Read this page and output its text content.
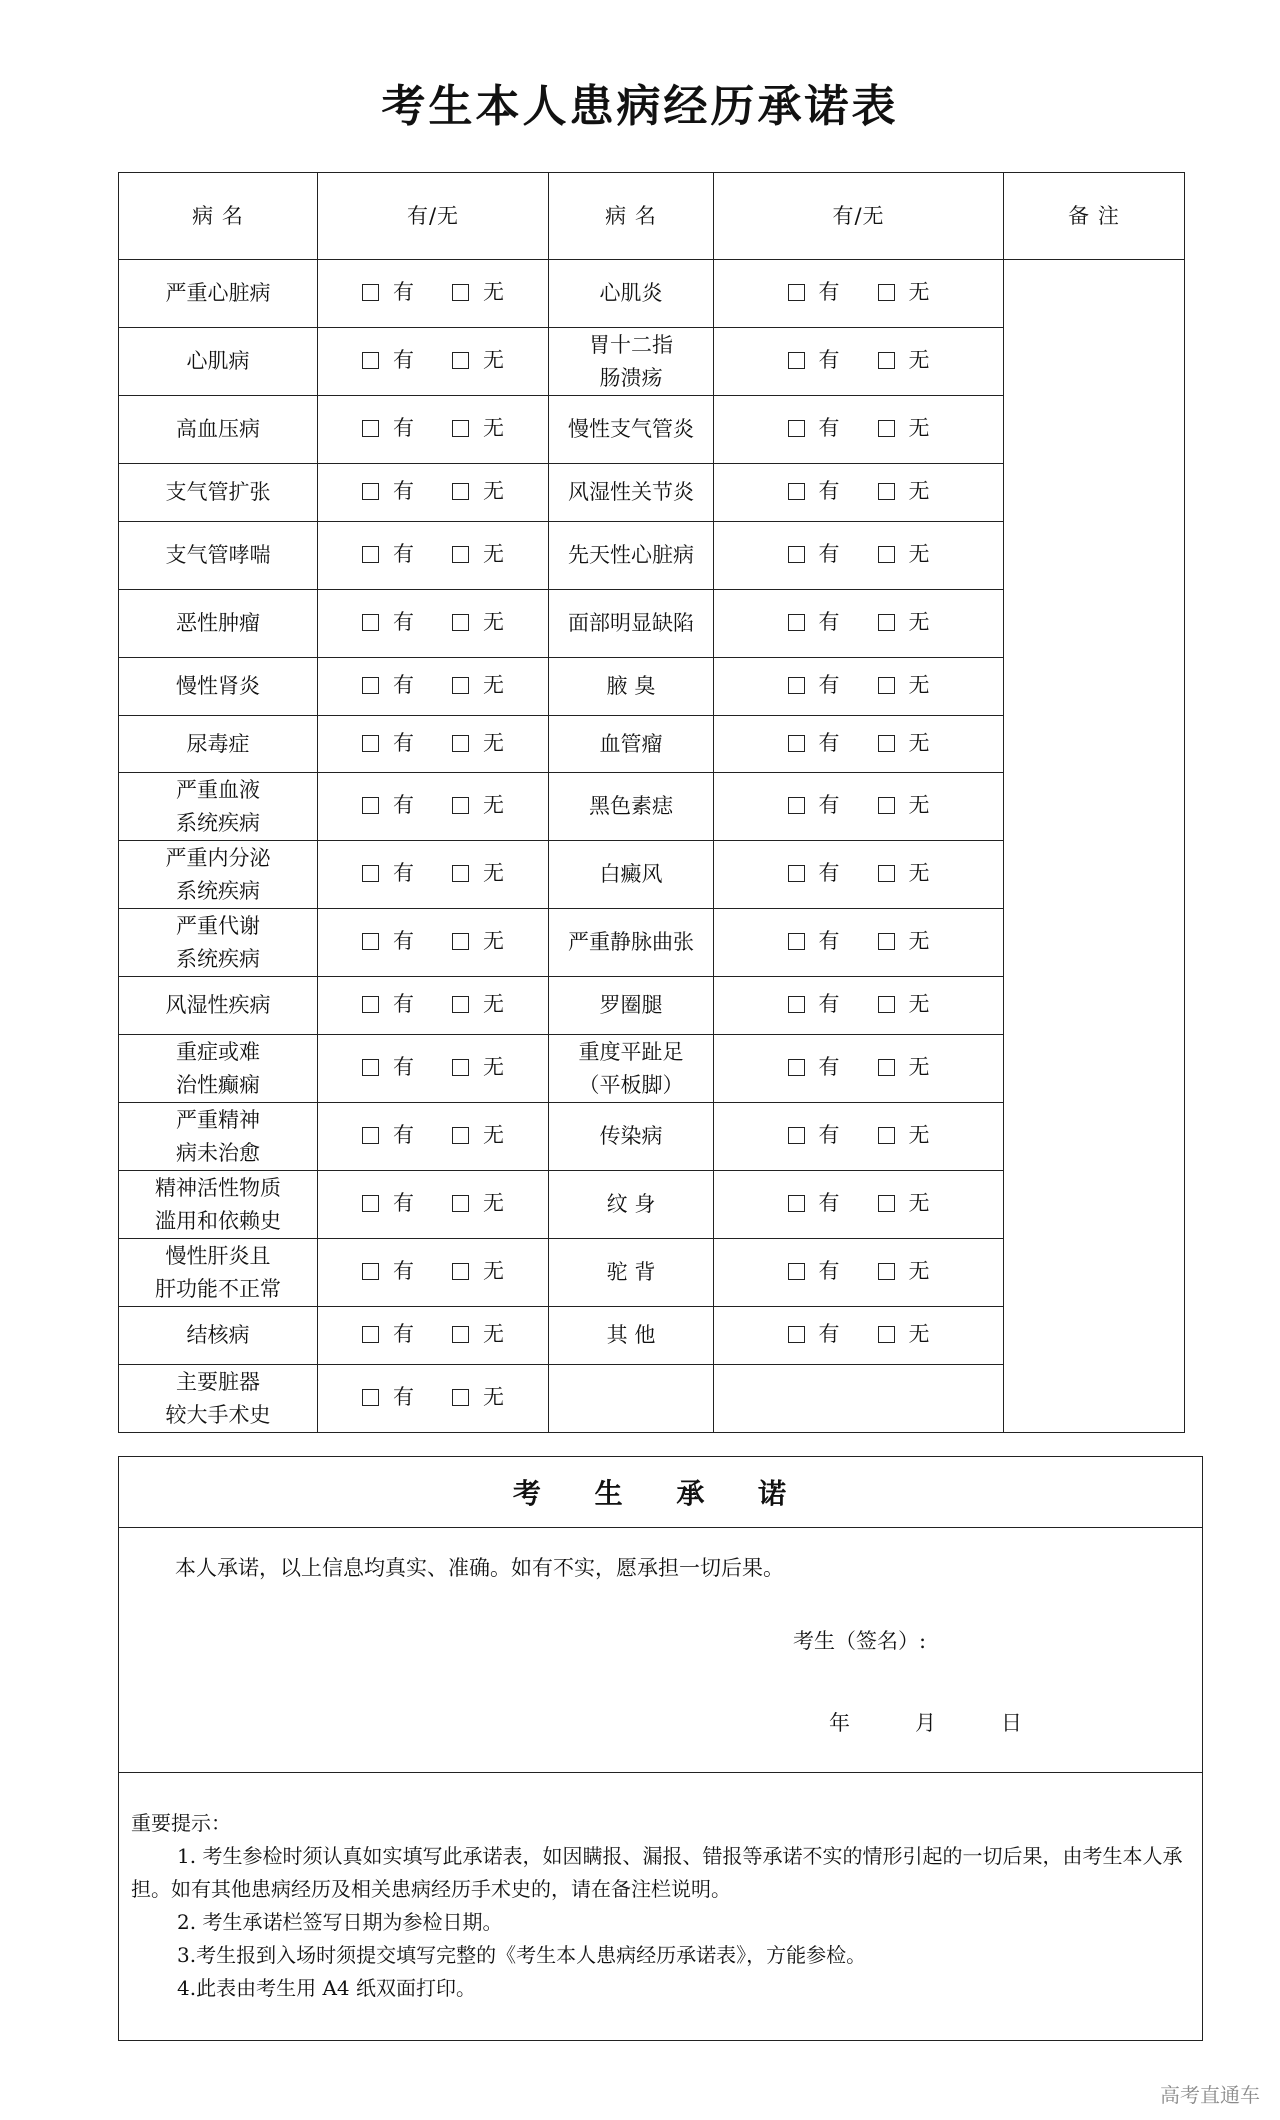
考生本人患病经历承诺表
病 名	有/无	病 名	有/无	备 注
严重心脏病	有 无	心肌炎	有 无	

心肌病	有 无	胃十二指
肠溃疡	有 无	

高血压病	有 无	慢性支气管炎	有 无	

支气管扩张	有 无	风湿性关节炎	有 无	

支气管哮喘	有 无	先天性心脏病	有 无	

恶性肿瘤	有 无	面部明显缺陷	有 无	

慢性肾炎	有 无	腋 臭	有 无	

尿毒症	有 无	血管瘤	有 无	

严重血液
系统疾病	有 无	黑色素痣	有 无	

严重内分泌
系统疾病	有 无	白癜风	有 无	

严重代谢
系统疾病	有 无	严重静脉曲张	有 无	

风湿性疾病	有 无	罗圈腿	有 无	

重症或难
治性癫痫	有 无	重度平趾足
（平板脚）	有 无	

严重精神
病未治愈	有 无	传染病	有 无	

精神活性物质
滥用和依赖史	有 无	纹 身	有 无	

慢性肝炎且
肝功能不正常	有 无	驼 背	有 无	

结核病	有 无	其 他	有 无	

主要脏器
较大手术史	有 无			

考 生 承 诺
本人承诺，以上信息均真实、准确。如有不实，愿承担一切后果。
考生（签名）:
年	月	日

重要提示：

1. 考生参检时须认真如实填写此承诺表，如因瞒报、漏报、错报等承诺不实的情形引起的一切后果，由考生本人承担。如有其他患病经历及相关患病经历手术史的，请在备注栏说明。

2. 考生承诺栏签写日期为参检日期。

3.考生报到入场时须提交填写完整的《考生本人患病经历承诺表》，方能参检。

4.此表由考生用 A4 纸双面打印。

高考直通车
